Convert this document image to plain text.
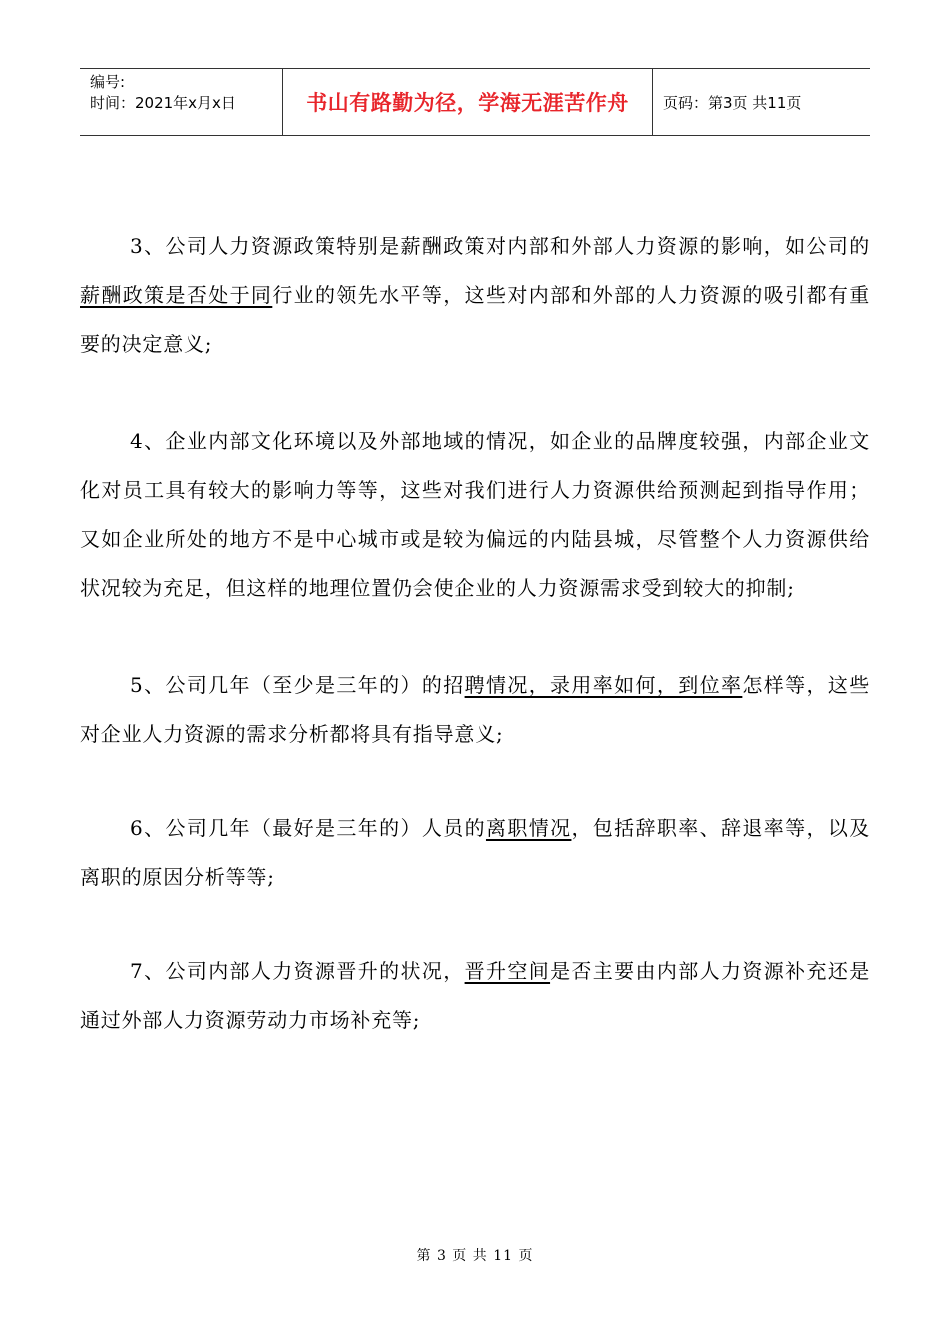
编号:
时间：2021年x月x日	书山有路勤为径，学海无涯苦作舟	页码：第3页 共11页

3、公司人力资源政策特别是薪酬政策对内部和外部人力资源的影响，如公司的薪酬政策是否处于同行业的领先水平等，这些对内部和外部的人力资源的吸引都有重要的决定意义;

4、企业内部文化环境以及外部地域的情况，如企业的品牌度较强，内部企业文化对员工具有较大的影响力等等，这些对我们进行人力资源供给预测起到指导作用；又如企业所处的地方不是中心城市或是较为偏远的内陆县城，尽管整个人力资源供给状况较为充足，但这样的地理位置仍会使企业的人力资源需求受到较大的抑制;

5、公司几年（至少是三年的）的招聘情况，录用率如何，到位率怎样等，这些对企业人力资源的需求分析都将具有指导意义;

6、公司几年（最好是三年的）人员的离职情况，包括辞职率、辞退率等，以及离职的原因分析等等;

7、公司内部人力资源晋升的状况，晋升空间是否主要由内部人力资源补充还是通过外部人力资源劳动力市场补充等;

第 3 页 共 11 页
